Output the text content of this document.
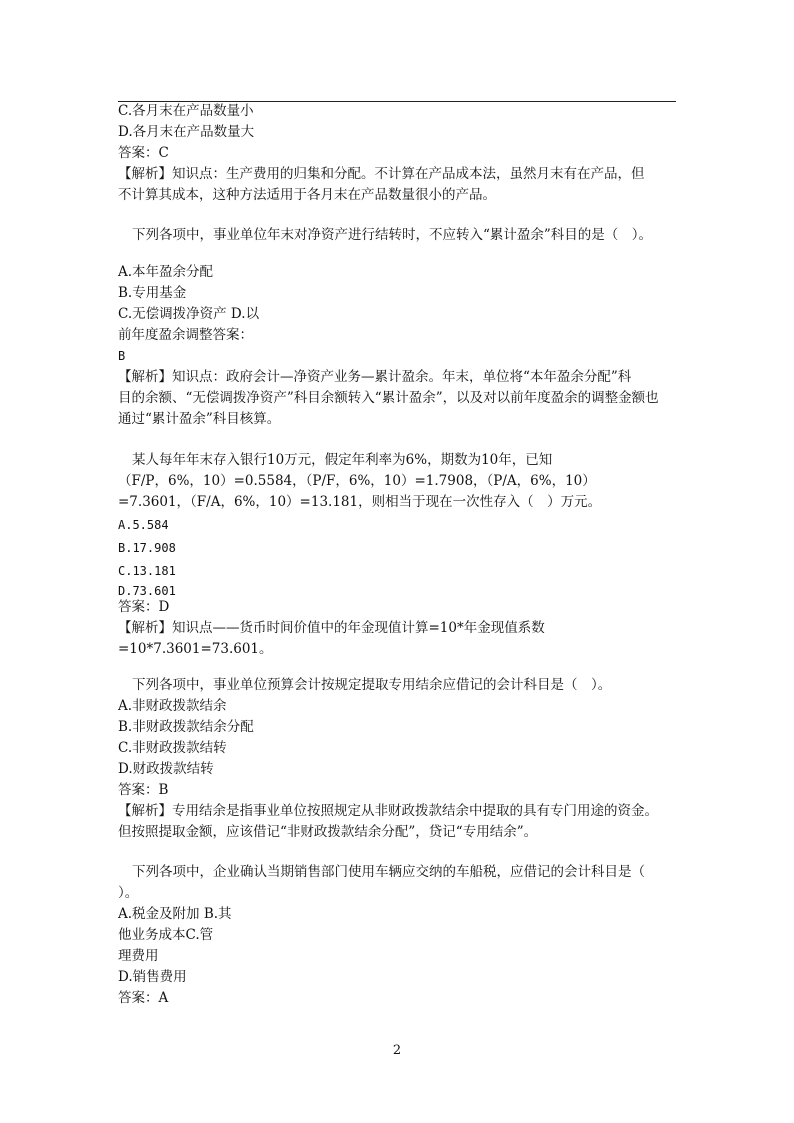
C.各月末在产品数量小
D.各月末在产品数量大
答案：C
【解析】知识点：生产费用的归集和分配。不计算在产品成本法，虽然月末有在产品，但
不计算其成本，这种方法适用于各月末在产品数量很小的产品。
下列各项中，事业单位年末对净资产进行结转时，不应转入“累计盈余”科目的是（　）。
A.本年盈余分配
B.专用基金
C.无偿调拨净资产 D.以
前年度盈余调整答案：
B
【解析】知识点：政府会计—净资产业务—累计盈余。年末，单位将“本年盈余分配”科
目的余额、“无偿调拨净资产”科目余额转入“累计盈余”，以及对以前年度盈余的调整金额也
通过“累计盈余”科目核算。
某人每年年末存入银行10万元，假定年利率为6%，期数为10年，已知
（F/P，6%，10）=0.5584，（P/F，6%，10）=1.7908，（P/A，6%，10）
=7.3601，（F/A，6%，10）=13.181，则相当于现在一次性存入（　）万元。
A.5.584
B.17.908
C.13.181
D.73.601
答案：D
【解析】知识点——货币时间价值中的年金现值计算=10*年金现值系数
=10*7.3601=73.601。
下列各项中，事业单位预算会计按规定提取专用结余应借记的会计科目是（　）。
A.非财政拨款结余
B.非财政拨款结余分配
C.非财政拨款结转
D.财政拨款结转
答案：B
【解析】专用结余是指事业单位按照规定从非财政拨款结余中提取的具有专门用途的资金。
但按照提取金额，应该借记“非财政拨款结余分配”，贷记“专用结余”。
下列各项中，企业确认当期销售部门使用车辆应交纳的车船税，应借记的会计科目是（
）。
A.税金及附加 B.其
他业务成本C.管
理费用
D.销售费用
答案：A
2
